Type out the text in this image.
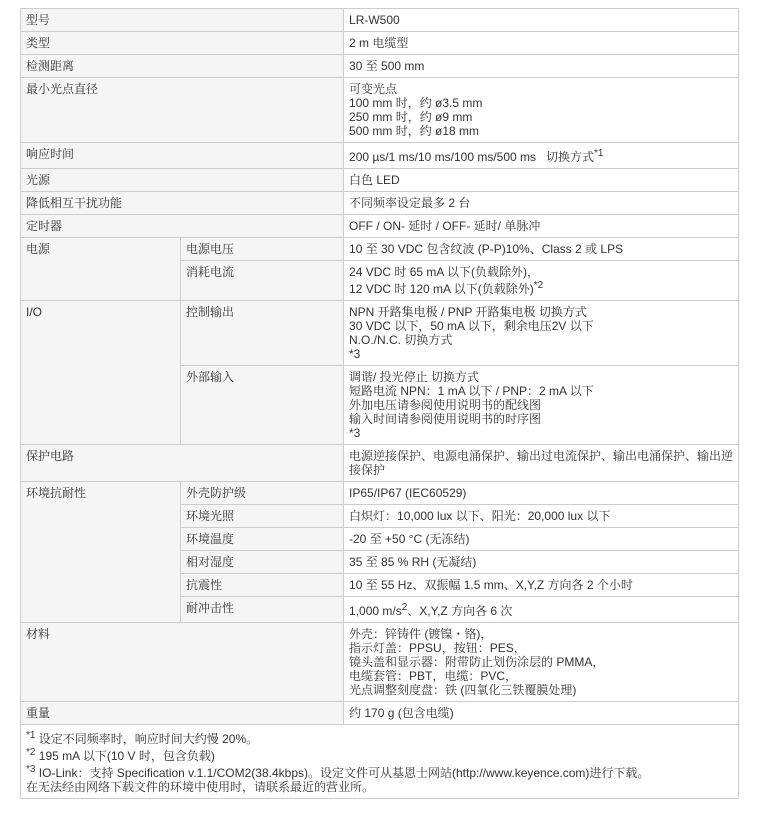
型号		LR-W500
类型		2 m 电缆型
检测距离		30 至 500 mm
最小光点直径		可变光点
100 mm 时，约 ø3.5 mm
250 mm 时，约 ø9 mm
500 mm 时，约 ø18 mm

响应时间		200 µs/1 ms/10 ms/100 ms/500 ms   切换方式$^{*1}$
光源		白色 LED
降低相互干扰功能		不同频率设定最多 2 台
定时器		OFF / ON- 延时 / OFF- 延时/ 单脉冲
电源	电源电压	10 至 30 VDC 包含纹波 (P-P)10%、Class 2 或 LPS
	消耗电流	24 VDC 时 65 mA 以下(负载除外)，
12 VDC 时 120 mA 以下(负载除外)$^{*2}$

I/O	控制输出	NPN 开路集电极 / PNP 开路集电极 切换方式
30 VDC 以下，50 mA 以下，剩余电压2V 以下
N.O./N.C. 切换方式
*3

	外部输入	调谐/ 投光停止 切换方式
短路电流 NPN：1 mA 以下 / PNP：2 mA 以下
外加电压请参阅使用说明书的配线图
输入时间请参阅使用说明书的时序图
*3

保护电路		电源逆接保护、电源电涌保护、输出过电流保护、输出电涌保护、输出逆接保护
环境抗耐性	外壳防护级	IP65/IP67 (IEC60529)
	环境光照	白炽灯：10,000 lux 以下、阳光：20,000 lux 以下
	环境温度	-20 至 +50 °C (无冻结)
	相对湿度	35 至 85 % RH (无凝结)
	抗震性	10 至 55 Hz、双振幅 1.5 mm、X,Y,Z 方向各 2 个小时
	耐冲击性	1,000 $m/s^2$、X,Y,Z 方向各 6 次
材料		外壳：锌铸件 (镀镍・铬)，
指示灯盖：PPSU，按钮：PES，
镜头盖和显示器：附带防止划伤涂层的 PMMA，
电缆套管：PBT，电缆：PVC，
光点调整刻度盘：铁 (四氧化三铁覆膜处理)

重量		约 170 g (包含电缆)

$^{*1}$ 设定不同频率时，响应时间大约慢 20%。
$^{*2}$ 195 mA 以下(10 V 时，包含负载)
$^{*3}$ IO-Link：支持 Specification v.1.1/COM2(38.4kbps)。设定文件可从基恩士网站(http://www.keyence.com)进行下载。
在无法经由网络下载文件的环境中使用时，请联系最近的营业所。		
